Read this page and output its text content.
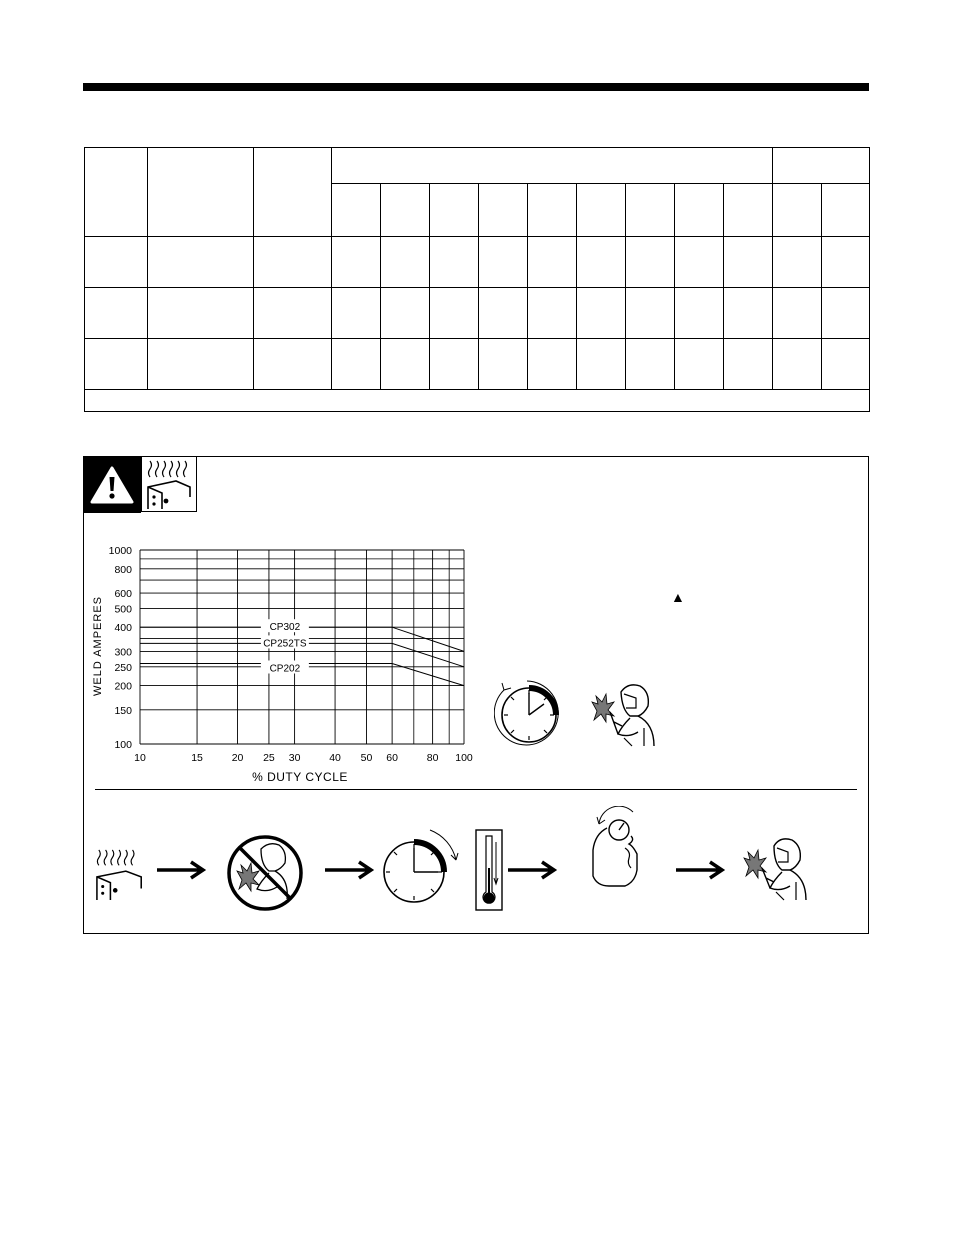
CP302
CP252TS
CP202
1000
800
600
500
400
300
250
200
150
100
10	15	20 25 30	40 50 60	80 100
WELD AMPERES
% DUTY CYCLE
▲
